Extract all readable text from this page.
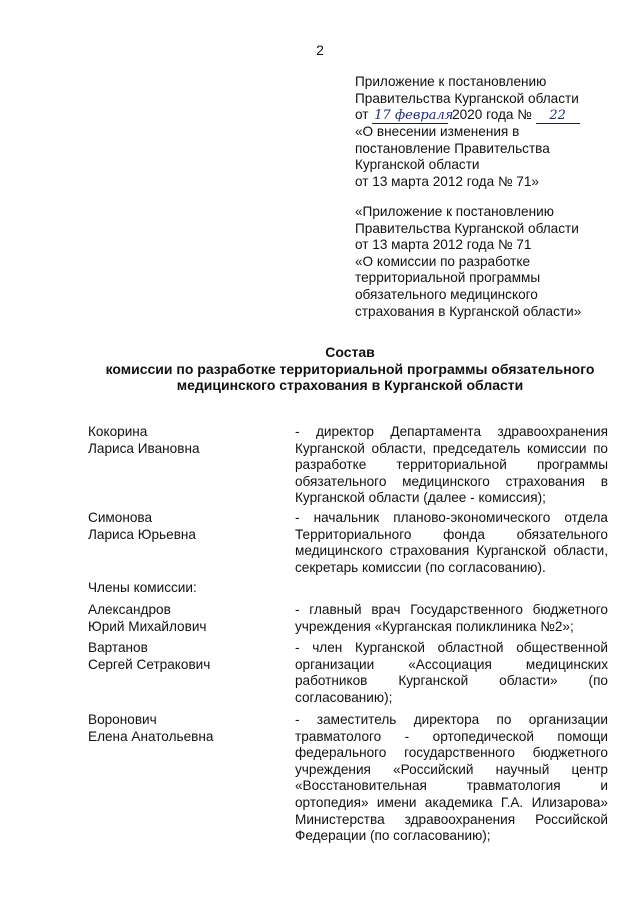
2
Приложение к постановлению
Правительства Курганской области
от 17 февраля 2020 года № 22
«О внесении изменения в
постановление Правительства
Курганской области
от 13 марта 2012 года № 71»
«Приложение к постановлению
Правительства Курганской области
от 13 марта 2012 года № 71
«О комиссии по разработке
территориальной программы
обязательного медицинского
страхования в Курганской области»
Состав
комиссии по разработке территориальной программы обязательного
медицинского страхования в Курганской области
Кокорина
Лариса Ивановна
- директор Департамента здравоохранения Курганской области, председатель комиссии по разработке территориальной программы обязательного медицинского страхования в Курганской области (далее - комиссия);
Симонова
Лариса Юрьевна
- начальник планово-экономического отдела Территориального фонда обязательного медицинского страхования Курганской области, секретарь комиссии (по согласованию).
Члены комиссии:
Александров
Юрий Михайлович
- главный врач Государственного бюджетного учреждения «Курганская поликлиника №2»;
Вартанов
Сергей Сетракович
- член Курганской областной общественной организации «Ассоциация медицинских работников Курганской области» (по согласованию);
Воронович
Елена Анатольевна
- заместитель директора по организации травматолого - ортопедической помощи федерального государственного бюджетного учреждения «Российский научный центр «Восстановительная травматология и ортопедия» имени академика Г.А. Илизарова» Министерства здравоохранения Российской Федерации (по согласованию);
